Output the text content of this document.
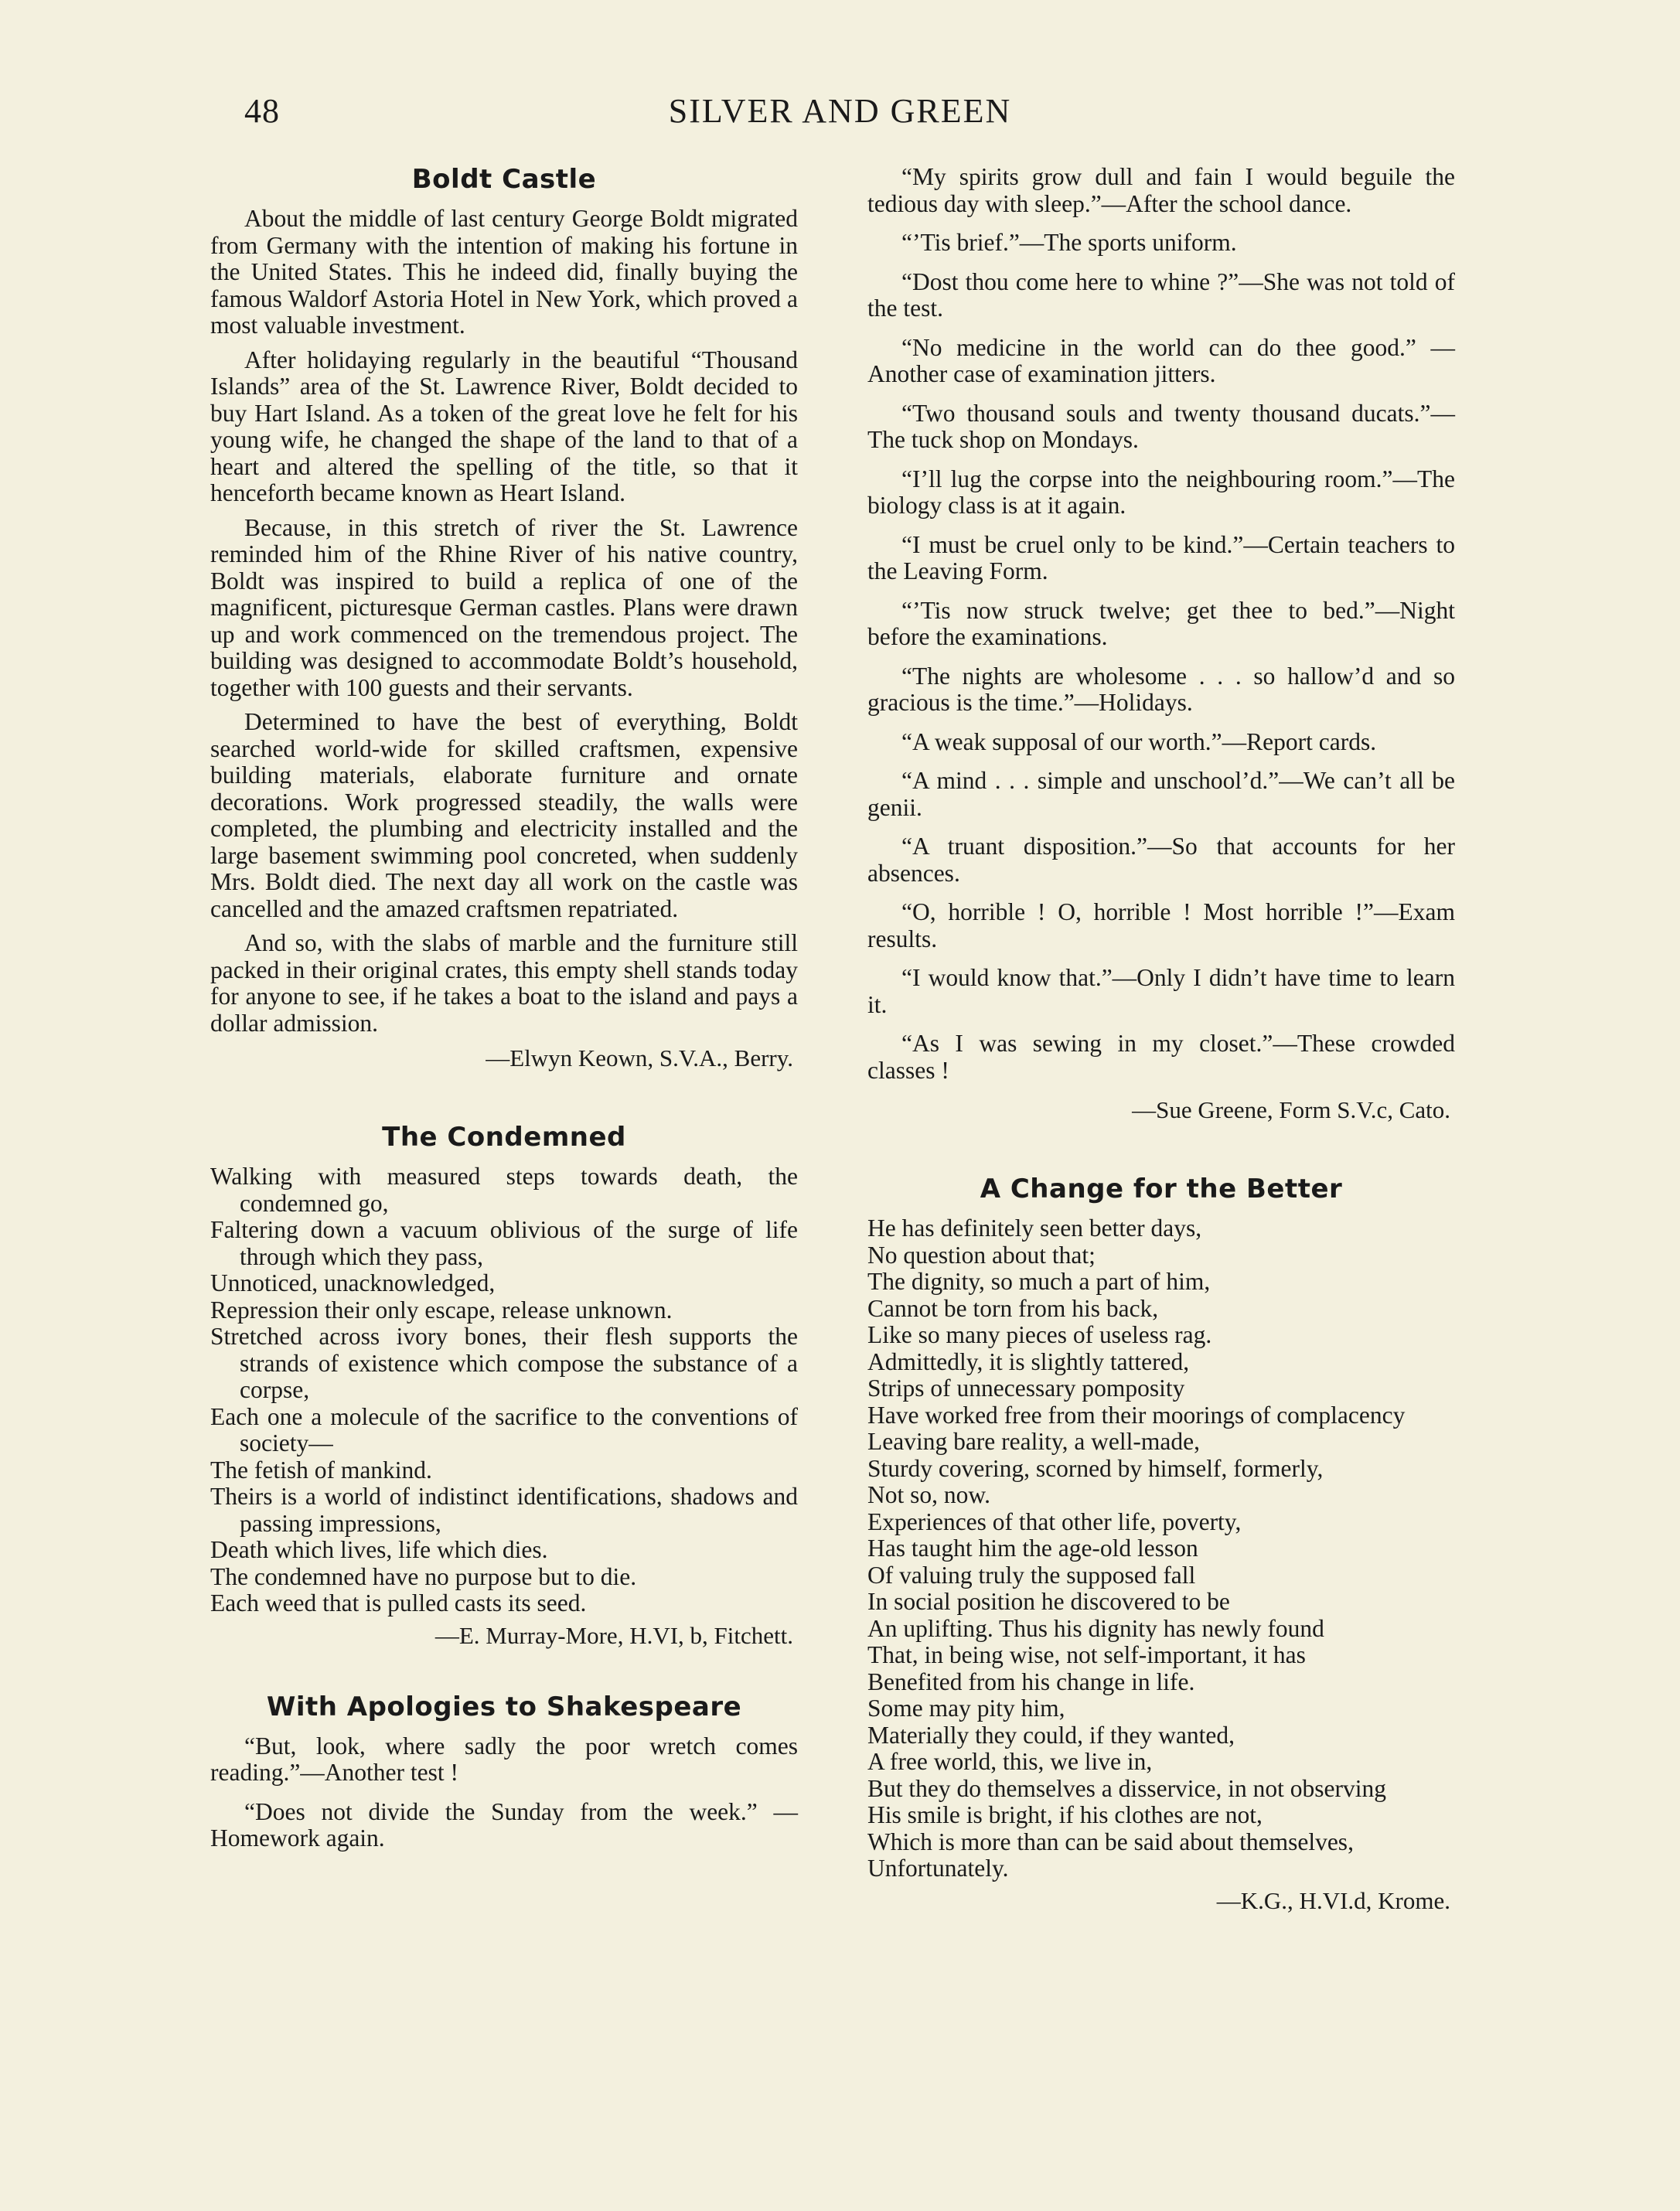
48	SILVER AND GREEN
Boldt Castle

About the middle of last century George Boldt migrated from Germany with the intention of making his fortune in the United States. This he indeed did, finally buying the famous Waldorf Astoria Hotel in New York, which proved a most valuable investment.

After holidaying regularly in the beautiful “Thousand Islands” area of the St. Lawrence River, Boldt decided to buy Hart Island. As a token of the great love he felt for his young wife, he changed the shape of the land to that of a heart and altered the spelling of the title, so that it henceforth became known as Heart Island.

Because, in this stretch of river the St. Lawrence reminded him of the Rhine River of his native country, Boldt was inspired to build a replica of one of the magnificent, picturesque German castles. Plans were drawn up and work commenced on the tremendous project. The building was designed to accommodate Boldt’s household, together with 100 guests and their servants.

Determined to have the best of everything, Boldt searched world-wide for skilled craftsmen, expensive building materials, elaborate furniture and ornate decorations. Work progressed steadily, the walls were completed, the plumbing and electricity installed and the large basement swimming pool concreted, when suddenly Mrs. Boldt died. The next day all work on the castle was cancelled and the amazed craftsmen repatriated.

And so, with the slabs of marble and the furniture still packed in their original crates, this empty shell stands today for anyone to see, if he takes a boat to the island and pays a dollar admission.

—Elwyn Keown, S.V.A., Berry.
The Condemned
Walking with measured steps towards death, the condemned go,
Faltering down a vacuum oblivious of the surge of life through which they pass,
Unnoticed, unacknowledged,
Repression their only escape, release unknown.
Stretched across ivory bones, their flesh supports the strands of existence which compose the substance of a corpse,
Each one a molecule of the sacrifice to the conventions of society—
The fetish of mankind.
Theirs is a world of indistinct identifications, shadows and passing impressions,
Death which lives, life which dies.
The condemned have no purpose but to die.
Each weed that is pulled casts its seed.
—E. Murray-More, H.VI, b, Fitchett.
With Apologies to Shakespeare

“But, look, where sadly the poor wretch comes reading.”—Another test !

“Does not divide the Sunday from the week.” —Homework again.

“My spirits grow dull and fain I would beguile the tedious day with sleep.”—After the school dance.

“’Tis brief.”—The sports uniform.

“Dost thou come here to whine ?”—She was not told of the test.

“No medicine in the world can do thee good.” —Another case of examination jitters.

“Two thousand souls and twenty thousand ducats.”—The tuck shop on Mondays.

“I’ll lug the corpse into the neighbouring room.”—The biology class is at it again.

“I must be cruel only to be kind.”—Certain teachers to the Leaving Form.

“’Tis now struck twelve; get thee to bed.”—Night before the examinations.

“The nights are wholesome . . . so hallow’d and so gracious is the time.”—Holidays.

“A weak supposal of our worth.”—Report cards.

“A mind . . . simple and unschool’d.”—We can’t all be genii.

“A truant disposition.”—So that accounts for her absences.

“O, horrible ! O, horrible ! Most horrible !”—Exam results.

“I would know that.”—Only I didn’t have time to learn it.

“As I was sewing in my closet.”—These crowded classes !

—Sue Greene, Form S.V.c, Cato.
A Change for the Better
He has definitely seen better days,
No question about that;
The dignity, so much a part of him,
Cannot be torn from his back,
Like so many pieces of useless rag.
Admittedly, it is slightly tattered,
Strips of unnecessary pomposity
Have worked free from their moorings of complacency
Leaving bare reality, a well-made,
Sturdy covering, scorned by himself, formerly,
Not so, now.
Experiences of that other life, poverty,
Has taught him the age-old lesson
Of valuing truly the supposed fall
In social position he discovered to be
An uplifting. Thus his dignity has newly found
That, in being wise, not self-important, it has
Benefited from his change in life.
Some may pity him,
Materially they could, if they wanted,
A free world, this, we live in,
But they do themselves a disservice, in not observing
His smile is bright, if his clothes are not,
Which is more than can be said about themselves,
Unfortunately.
—K.G., H.VI.d, Krome.
